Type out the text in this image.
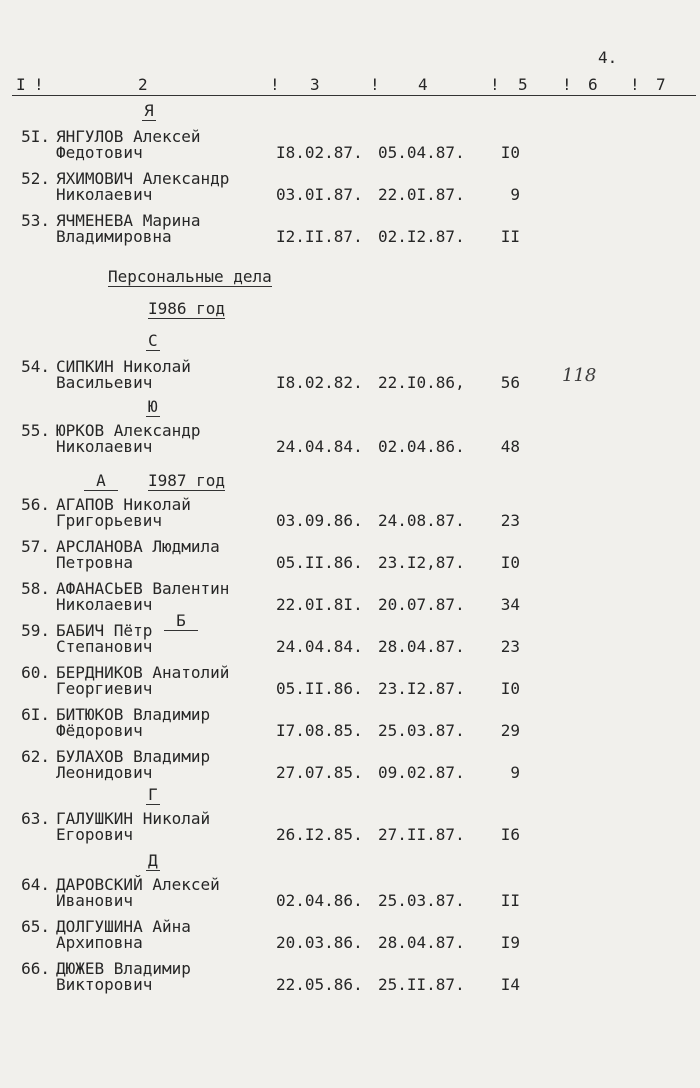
4.
I !	2	! 3	! 4	! 5 ! 6 ! 7
Я
Персональные дела
I986 год
С
Ю
А	I987 год
Б
Г
Д
118
5I. ЯНГУЛОВ Алексей
Федотович	I8.02.87. 05.04.87.	I0
52. ЯХИМОВИЧ Александр
Николаевич	03.0I.87. 22.0I.87.	9
53. ЯЧМЕНЕВА Марина
Владимировна	I2.II.87. 02.I2.87.	II
54. СИПКИН Николай
Васильевич	I8.02.82. 22.I0.86,	56
55. ЮРКОВ Александр
Николаевич	24.04.84. 02.04.86.	48
56. АГАПОВ Николай
Григорьевич	03.09.86. 24.08.87.	23
57. АРСЛАНОВА Людмила
Петровна	05.II.86. 23.I2,87.	I0
58. АФАНАСЬЕВ Валентин
Николаевич	22.0I.8I. 20.07.87.	34
59. БАБИЧ Пётр
Степанович	24.04.84. 28.04.87.	23
60. БЕРДНИКОВ Анатолий
Георгиевич	05.II.86. 23.I2.87.	I0
6I. БИТЮКОВ Владимир
Фёдорович	I7.08.85. 25.03.87.	29
62. БУЛАХОВ Владимир
Леонидович	27.07.85. 09.02.87.	9
63. ГАЛУШКИН Николай
Егорович	26.I2.85. 27.II.87.	I6
64. ДАРОВСКИЙ Алексей
Иванович	02.04.86. 25.03.87.	II
65. ДОЛГУШИНА Айна
Архиповна	20.03.86. 28.04.87.	I9
66. ДЮЖЕВ Владимир
Викторович	22.05.86. 25.II.87.	I4
